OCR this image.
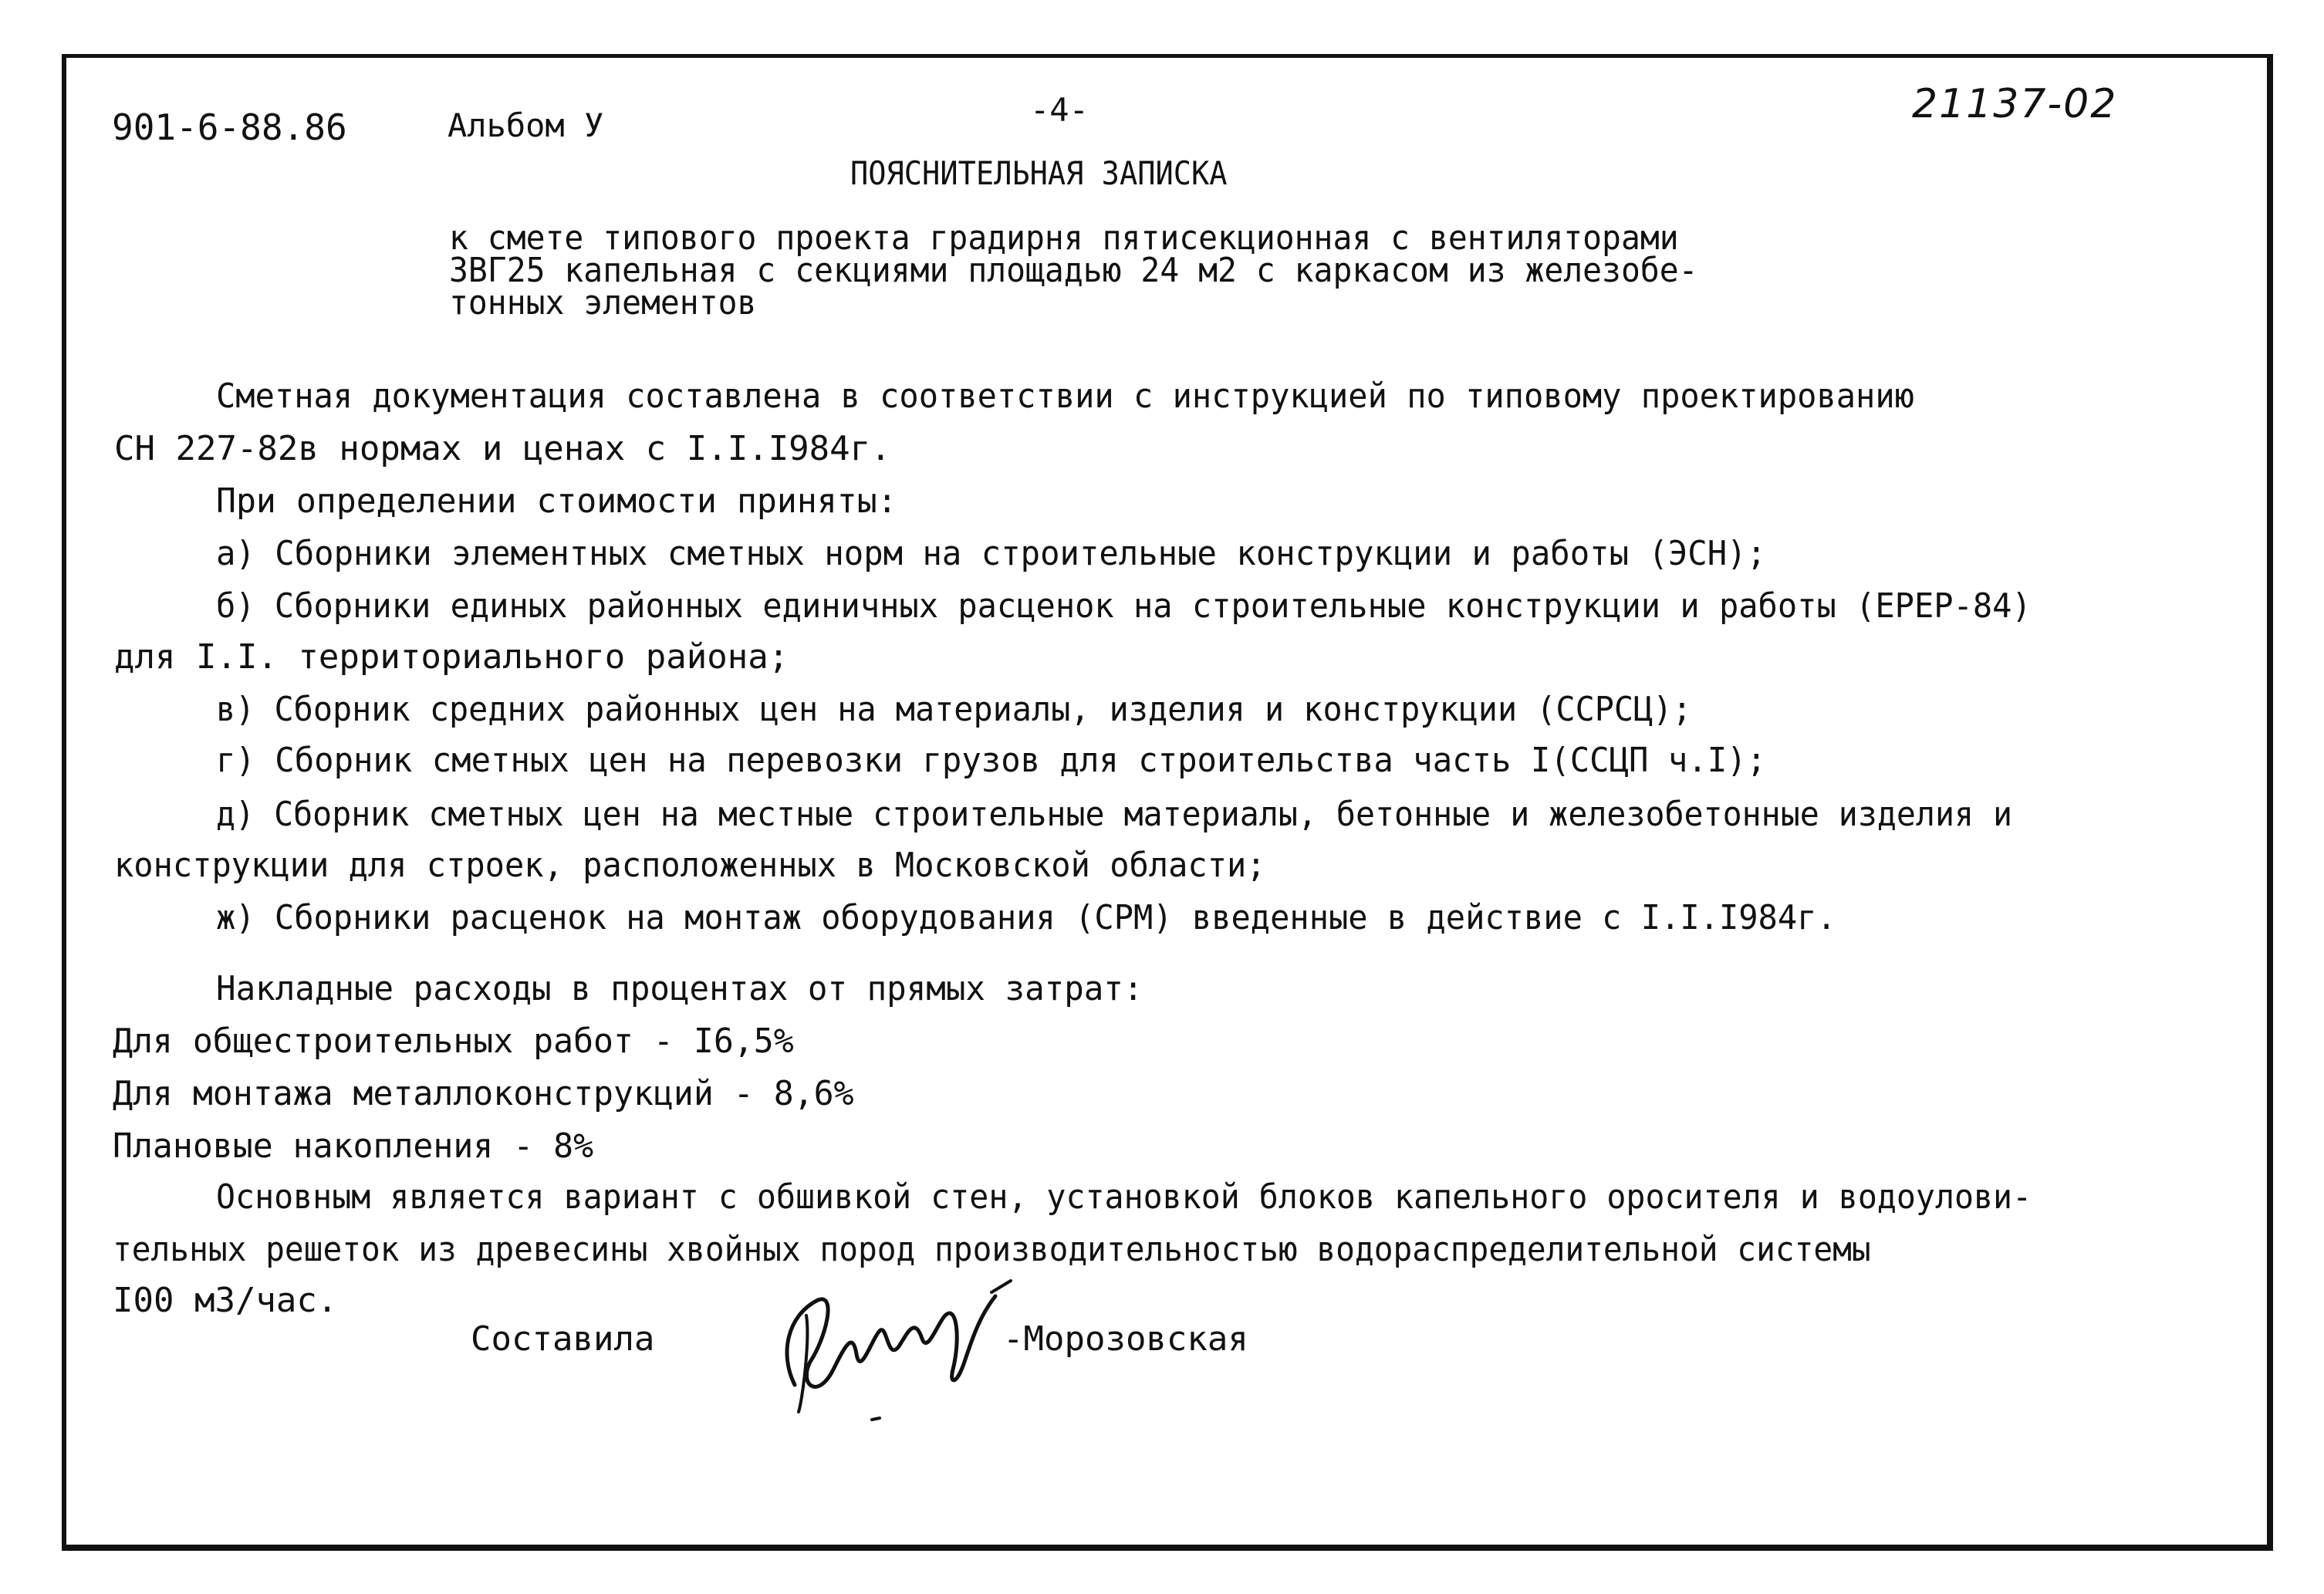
901-6-88.86	Альбом У	-4-	21137-02
ПОЯСНИТЕЛЬНАЯ ЗАПИСКА
к смете типового проекта градирня пятисекционная с вентиляторами
ЗВГ25 капельная с секциями площадью 24 м2 с каркасом из железобе-
тонных элементов
Сметная документация составлена в соответствии с инструкцией по типовому проектированию
СН 227-82в нормах и ценах с I.I.I984г.
При определении стоимости приняты:
а) Сборники элементных сметных норм на строительные конструкции и работы (ЭСН);
б) Сборники единых районных единичных расценок на строительные конструкции и работы (ЕРЕР-84)
для I.I. территориального района;
в) Сборник средних районных цен на материалы, изделия и конструкции (ССРСЦ);
г) Сборник сметных цен на перевозки грузов для строительства часть I(ССЦП ч.I);
д) Сборник сметных цен на местные строительные материалы, бетонные и железобетонные изделия и
конструкции для строек, расположенных в Московской области;
ж) Сборники расценок на монтаж оборудования (СРМ) введенные в действие с I.I.I984г.
Накладные расходы в процентах от прямых затрат:
Для общестроительных работ - I6,5%
Для монтажа металлоконструкций - 8,6%
Плановые накопления - 8%
Основным является вариант с обшивкой стен, установкой блоков капельного оросителя и водоулови-
тельных решеток из древесины хвойных пород производительностью водораспределительной системы
I00 м3/час.
Составила	-Морозовская
